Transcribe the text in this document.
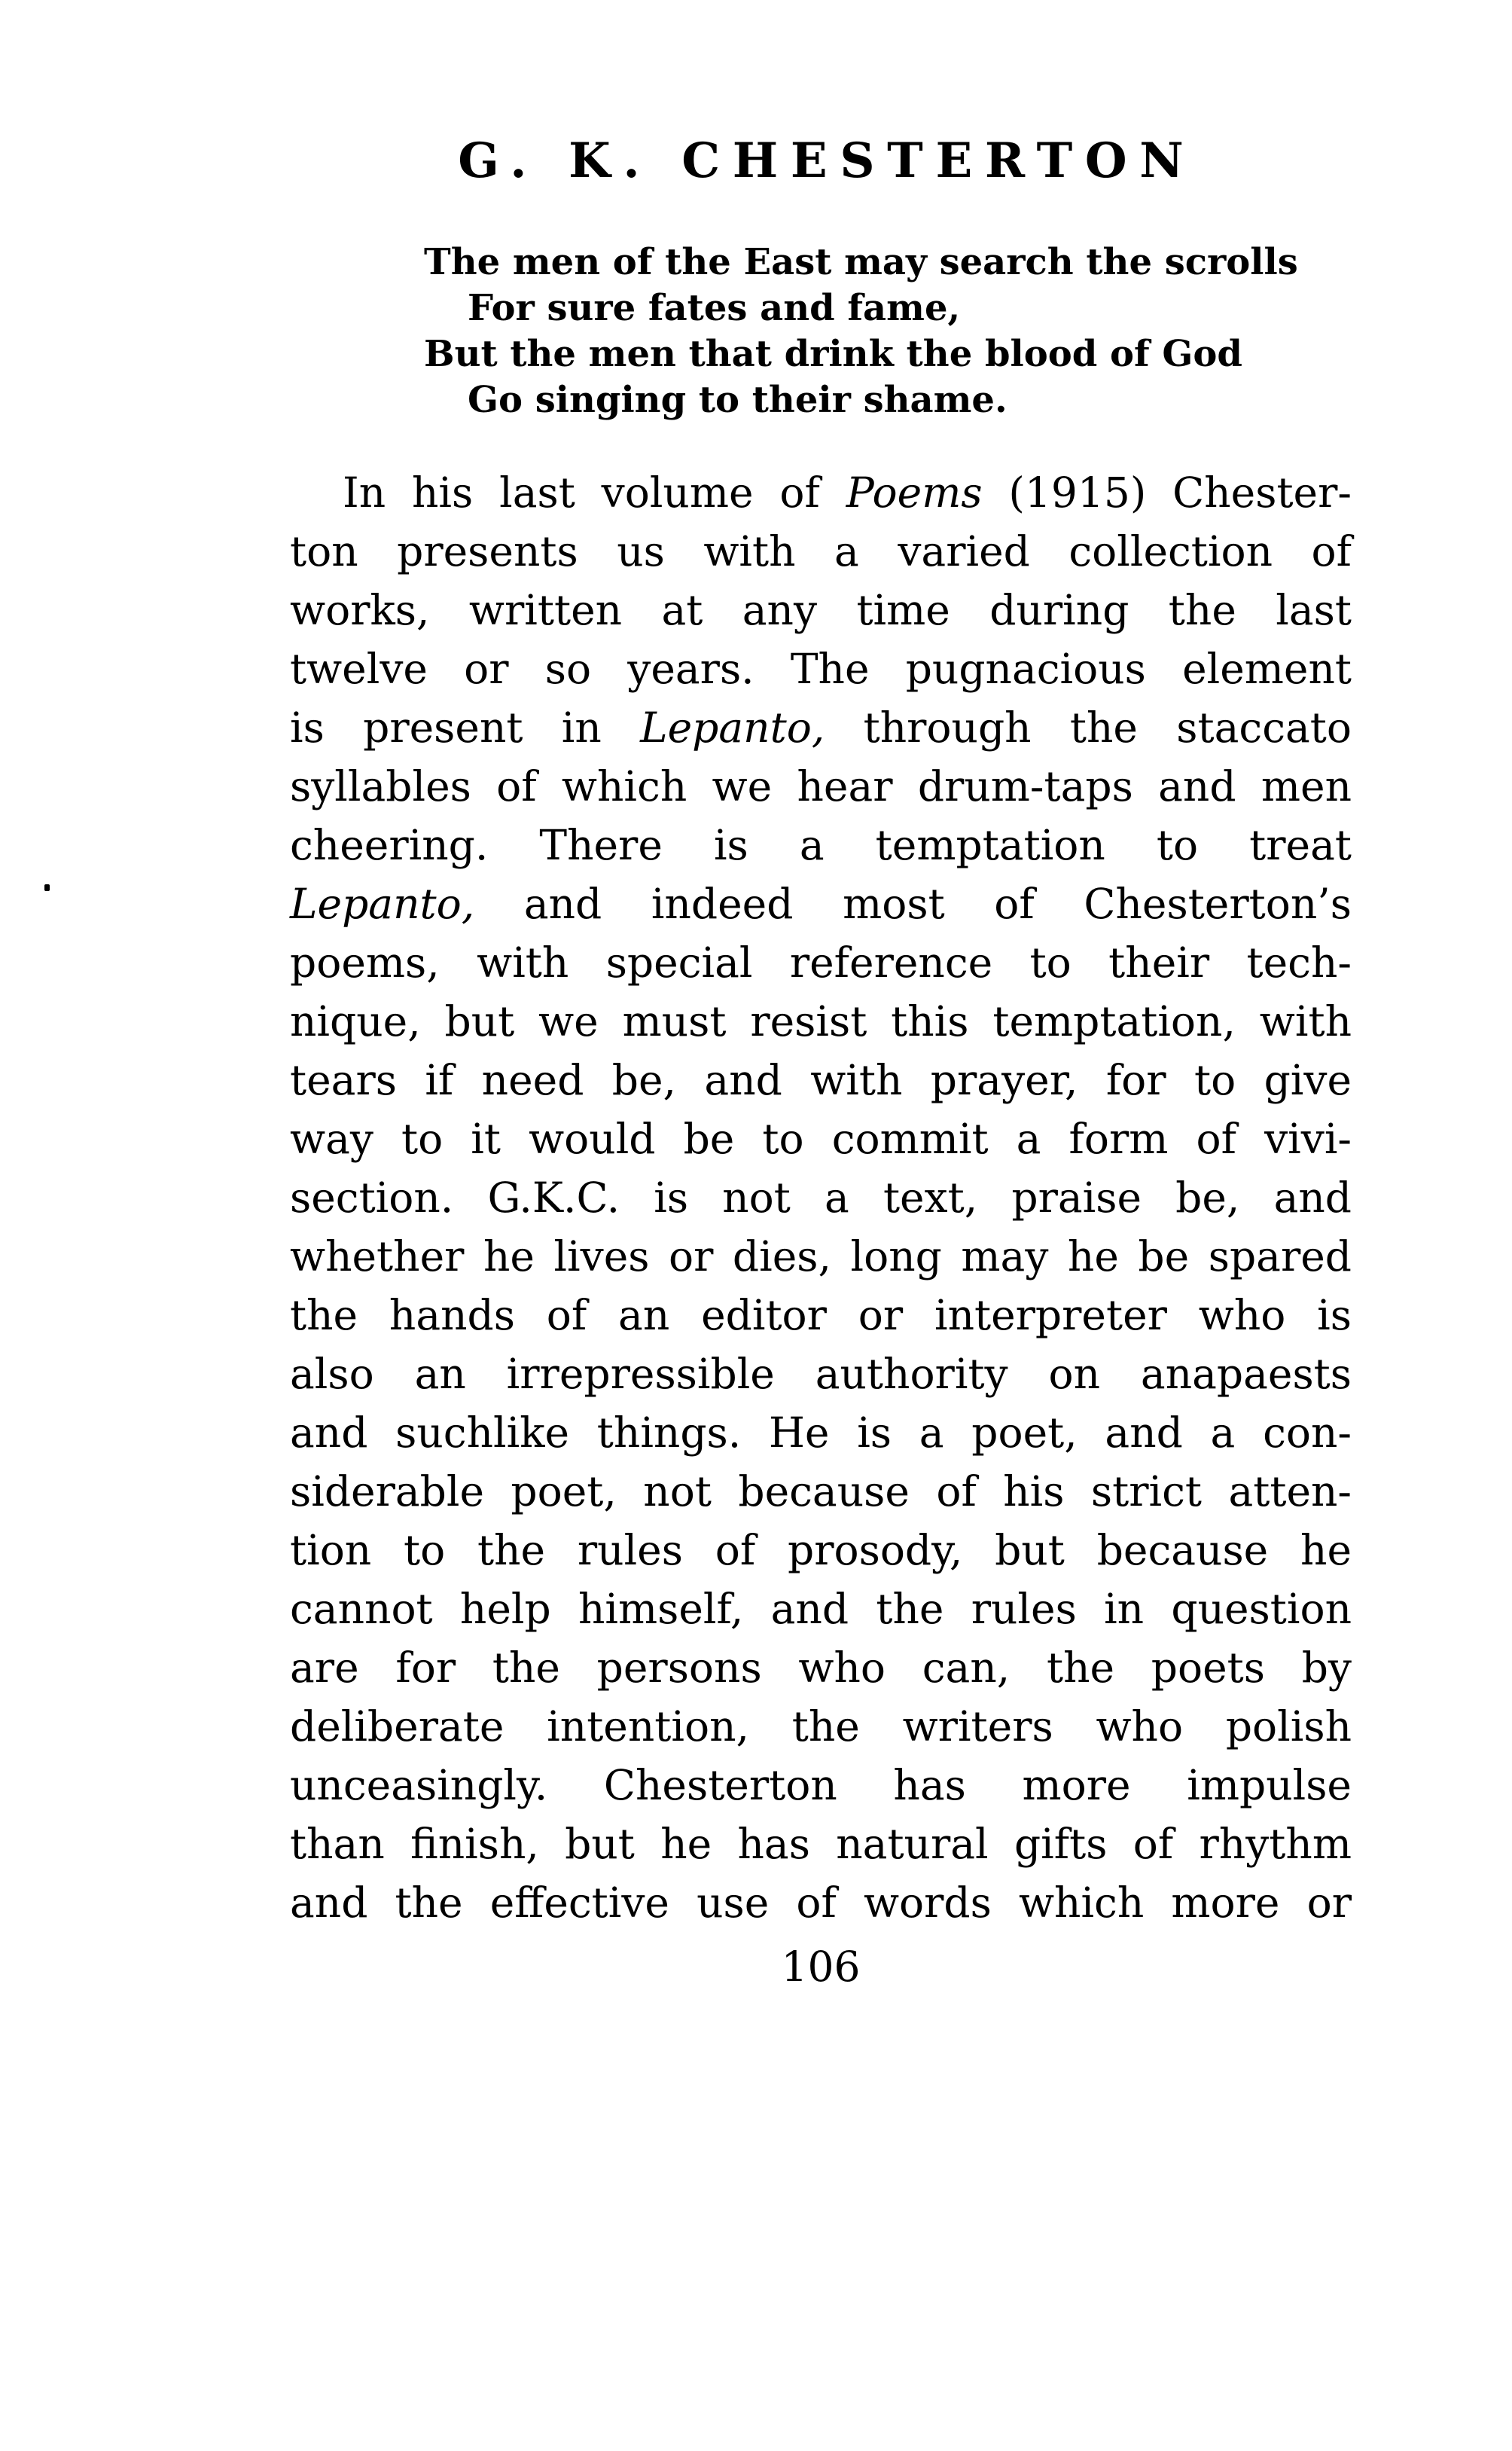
G. K. CHESTERTON
The men of the East may search the scrolls
For sure fates and fame,
But the men that drink the blood of God
Go singing to their shame.
In his last volume of Poems (1915) Chester-
ton presents us with a varied collection of
works, written at any time during the last
twelve or so years. The pugnacious element
is present in Lepanto, through the staccato
syllables of which we hear drum-taps and men
cheering. There is a temptation to treat
Lepanto, and indeed most of Chesterton’s
poems, with special reference to their tech-
nique, but we must resist this temptation, with
tears if need be, and with prayer, for to give
way to it would be to commit a form of vivi-
section. G.K.C. is not a text, praise be, and
whether he lives or dies, long may he be spared
the hands of an editor or interpreter who is
also an irrepressible authority on anapaests
and suchlike things. He is a poet, and a con-
siderable poet, not because of his strict atten-
tion to the rules of prosody, but because he
cannot help himself, and the rules in question
are for the persons who can, the poets by
deliberate intention, the writers who polish
unceasingly. Chesterton has more impulse
than finish, but he has natural gifts of rhythm
and the effective use of words which more or
106
